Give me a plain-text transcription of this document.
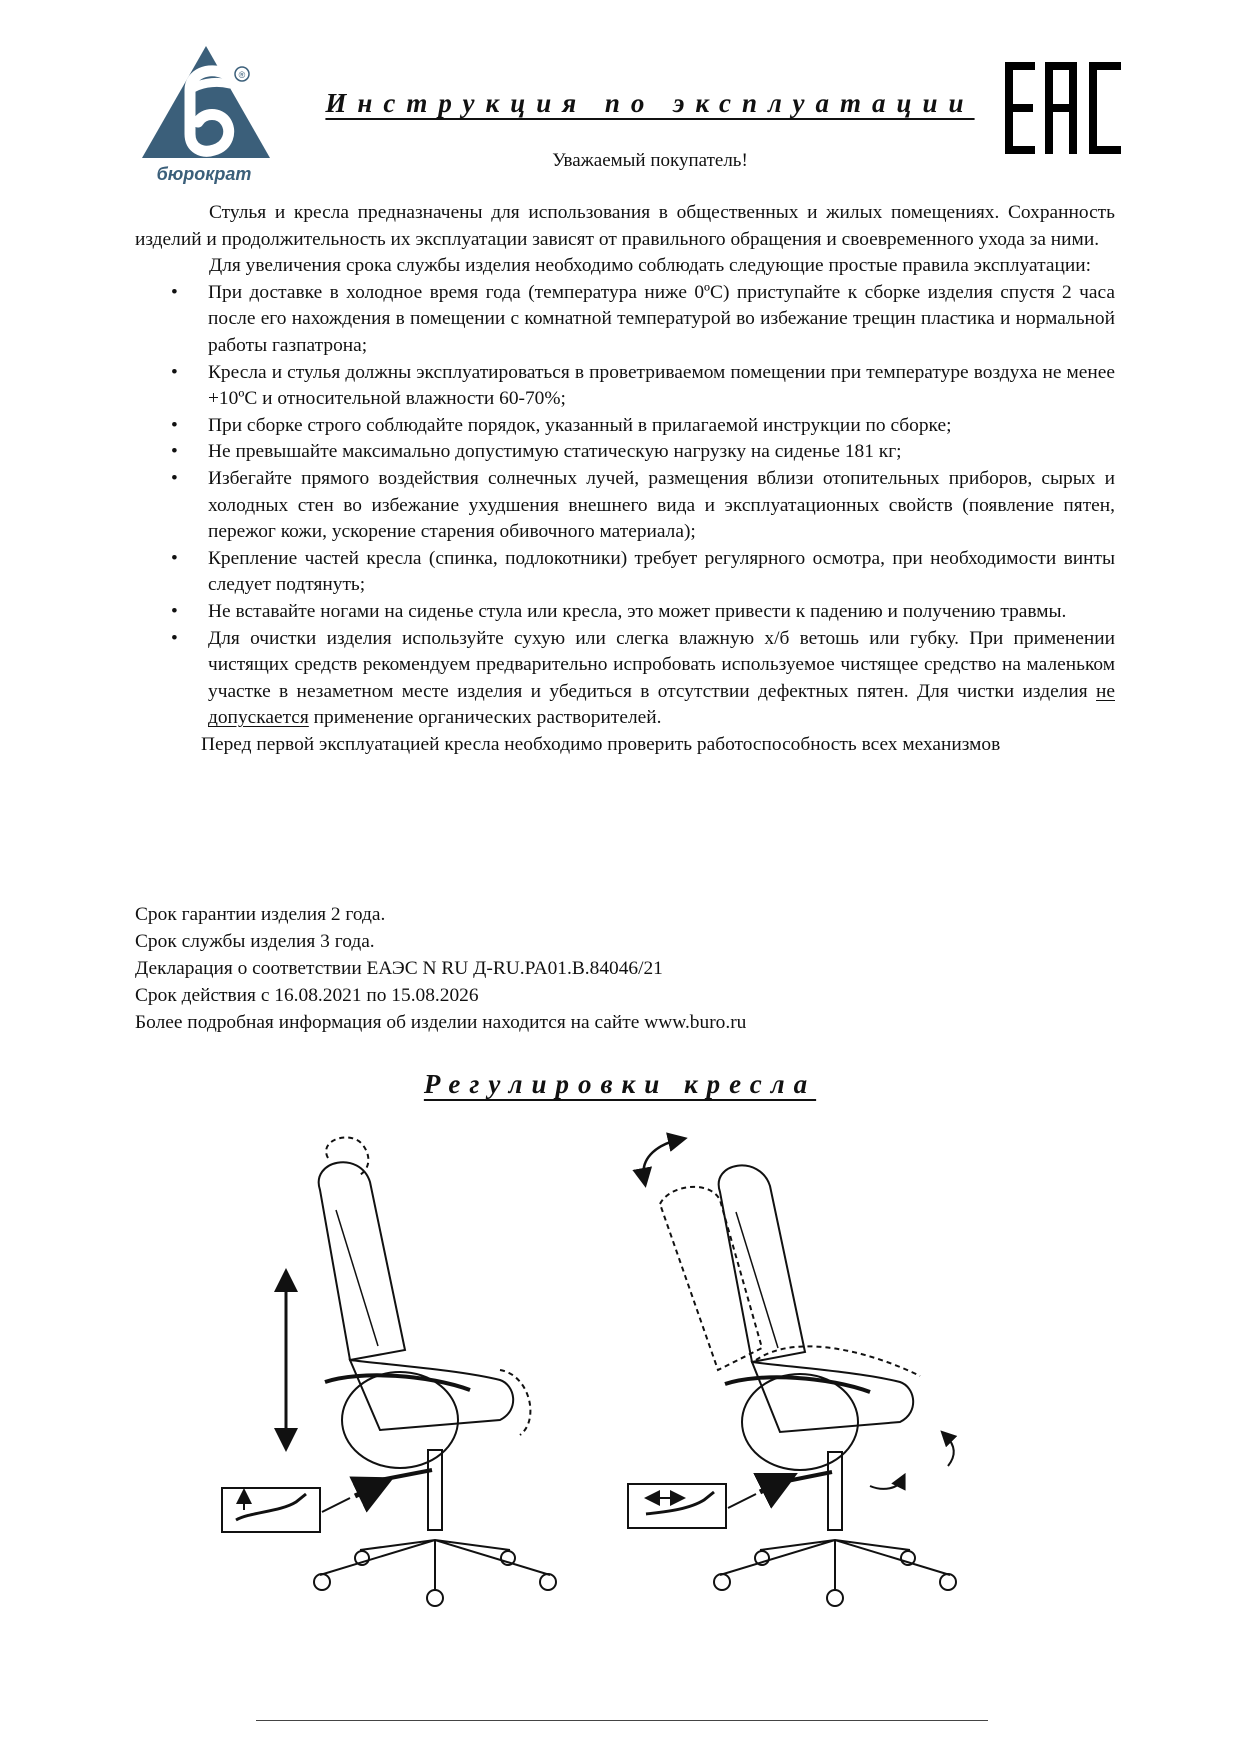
®
бюрократ
Инструкция по эксплуатации
Уважаемый покупатель!

Стулья и кресла предназначены для использования в общественных и жилых помещениях. Сохранность изделий и продолжительность их эксплуатации зависят от правильного обращения и своевременного ухода за ними.

Для увеличения срока службы изделия необходимо соблюдать следующие простые правила эксплуатации:

• При доставке в холодное время года (температура ниже 0ºС) приступайте к сборке изделия спустя 2 часа после его нахождения в помещении с комнатной температурой во избежание трещин пластика и нормальной работы газпатрона;
• Кресла и стулья должны эксплуатироваться в проветриваемом помещении при температуре воздуха не менее +10ºС и относительной влажности 60-70%;
• При сборке строго соблюдайте порядок, указанный в прилагаемой инструкции по сборке;
• Не превышайте максимально допустимую статическую нагрузку на сиденье 181 кг;
• Избегайте прямого воздействия солнечных лучей, размещения вблизи отопительных приборов, сырых и холодных стен во избежание ухудшения внешнего вида и эксплуатационных свойств (появление пятен, пережог кожи, ускорение старения обивочного материала);
• Крепление частей кресла (спинка, подлокотники) требует регулярного осмотра, при необходимости винты следует подтянуть;
• Не вставайте ногами на сиденье стула или кресла, это может привести к падению и получению травмы.
• Для очистки изделия используйте сухую или слегка влажную х/б ветошь или губку. При применении чистящих средств рекомендуем предварительно испробовать используемое чистящее средство на маленьком участке в незаметном месте изделия и убедиться в отсутствии дефектных пятен. Для чистки изделия не допускается применение органических растворителей.

Перед первой эксплуатацией кресла необходимо проверить работоспособность всех механизмов

Срок гарантии изделия 2 года.
Срок службы изделия 3 года.
Декларация о соответствии ЕАЭС N RU Д-RU.PA01.B.84046/21
Срок действия с 16.08.2021 по 15.08.2026
Более подробная информация об изделии находится на сайте www.buro.ru
Регулировки кресла
